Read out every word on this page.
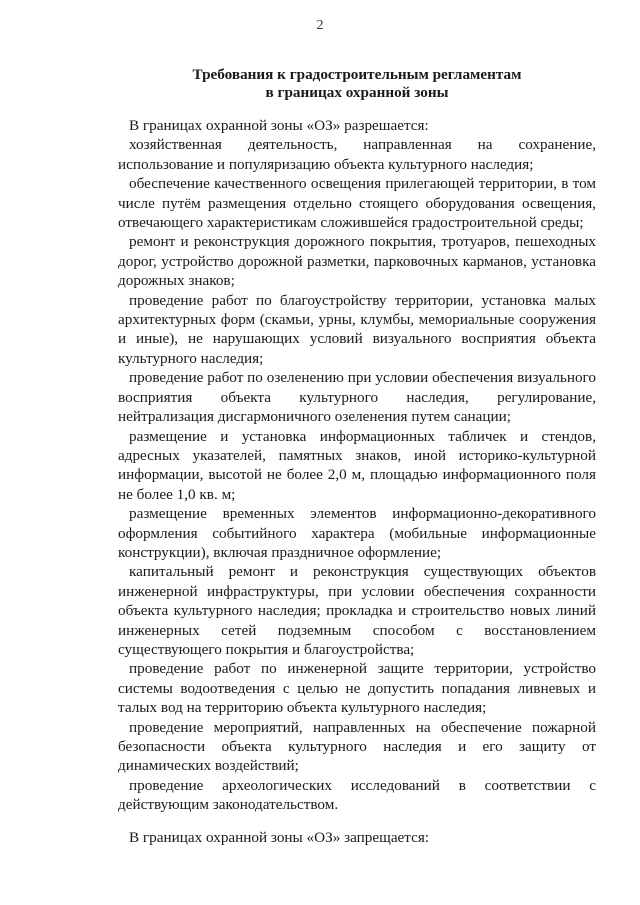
2
Требования к градостроительным регламентам
в границах охранной зоны

В границах охранной зоны «ОЗ» разрешается:

хозяйственная деятельность, направленная на сохранение, использование и популяризацию объекта культурного наследия;

обеспечение качественного освещения прилегающей территории, в том числе путём размещения отдельно стоящего оборудования освещения, отвечающего характеристикам сложившейся градостроительной среды;

ремонт и реконструкция дорожного покрытия, тротуаров, пешеходных дорог, устройство дорожной разметки, парковочных карманов, установка дорожных знаков;

проведение работ по благоустройству территории, установка малых архитектурных форм (скамьи, урны, клумбы, мемориальные сооружения и иные), не нарушающих условий визуального восприятия объекта культурного наследия;

проведение работ по озеленению при условии обеспечения визуального восприятия объекта культурного наследия, регулирование, нейтрализация дисгармоничного озеленения путем санации;

размещение и установка информационных табличек и стендов, адресных указателей, памятных знаков, иной историко-культурной информации, высотой не более 2,0 м, площадью информационного поля не более 1,0 кв. м;

размещение временных элементов информационно-декоративного оформления событийного характера (мобильные информационные конструкции), включая праздничное оформление;

капитальный ремонт и реконструкция существующих объектов инженерной инфраструктуры, при условии обеспечения сохранности объекта культурного наследия; прокладка и строительство новых линий инженерных сетей подземным способом с восстановлением существующего покрытия и благоустройства;

проведение работ по инженерной защите территории, устройство системы водоотведения с целью не допустить попадания ливневых и талых вод на территорию объекта культурного наследия;

проведение мероприятий, направленных на обеспечение пожарной безопасности объекта культурного наследия и его защиту от динамических воздействий;

проведение археологических исследований в соответствии с действующим законодательством.

В границах охранной зоны «ОЗ» запрещается:
